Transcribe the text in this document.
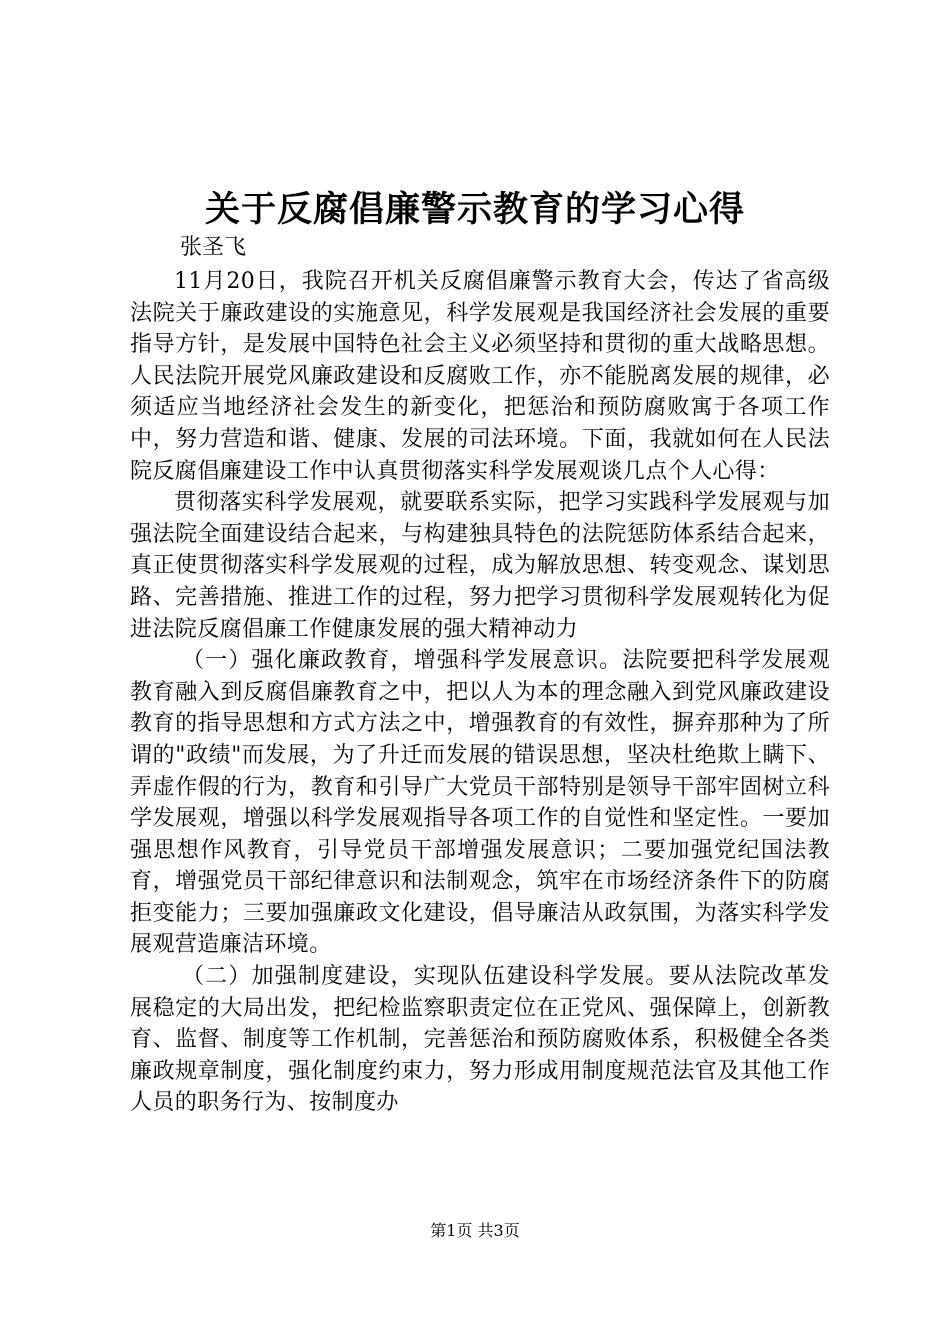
关于反腐倡廉警示教育的学习心得

张圣飞

11月20日，我院召开机关反腐倡廉警示教育大会，传达了省高级法院关于廉政建设的实施意见，科学发展观是我国经济社会发展的重要指导方针，是发展中国特色社会主义必须坚持和贯彻的重大战略思想。人民法院开展党风廉政建设和反腐败工作，亦不能脱离发展的规律，必须适应当地经济社会发生的新变化，把惩治和预防腐败寓于各项工作中，努力营造和谐、健康、发展的司法环境。下面，我就如何在人民法院反腐倡廉建设工作中认真贯彻落实科学发展观谈几点个人心得：

贯彻落实科学发展观，就要联系实际，把学习实践科学发展观与加强法院全面建设结合起来，与构建独具特色的法院惩防体系结合起来，真正使贯彻落实科学发展观的过程，成为解放思想、转变观念、谋划思路、完善措施、推进工作的过程，努力把学习贯彻科学发展观转化为促进法院反腐倡廉工作健康发展的强大精神动力

（一）强化廉政教育，增强科学发展意识。法院要把科学发展观教育融入到反腐倡廉教育之中，把以人为本的理念融入到党风廉政建设教育的指导思想和方式方法之中，增强教育的有效性，摒弃那种为了所谓的"政绩"而发展，为了升迁而发展的错误思想，坚决杜绝欺上瞒下、弄虚作假的行为，教育和引导广大党员干部特别是领导干部牢固树立科学发展观，增强以科学发展观指导各项工作的自觉性和坚定性。一要加强思想作风教育，引导党员干部增强发展意识；二要加强党纪国法教育，增强党员干部纪律意识和法制观念，筑牢在市场经济条件下的防腐拒变能力；三要加强廉政文化建设，倡导廉洁从政氛围，为落实科学发展观营造廉洁环境。

（二）加强制度建设，实现队伍建设科学发展。要从法院改革发展稳定的大局出发，把纪检监察职责定位在正党风、强保障上，创新教育、监督、制度等工作机制，完善惩治和预防腐败体系，积极健全各类廉政规章制度，强化制度约束力，努力形成用制度规范法官及其他工作人员的职务行为、按制度办

第1页 共3页
